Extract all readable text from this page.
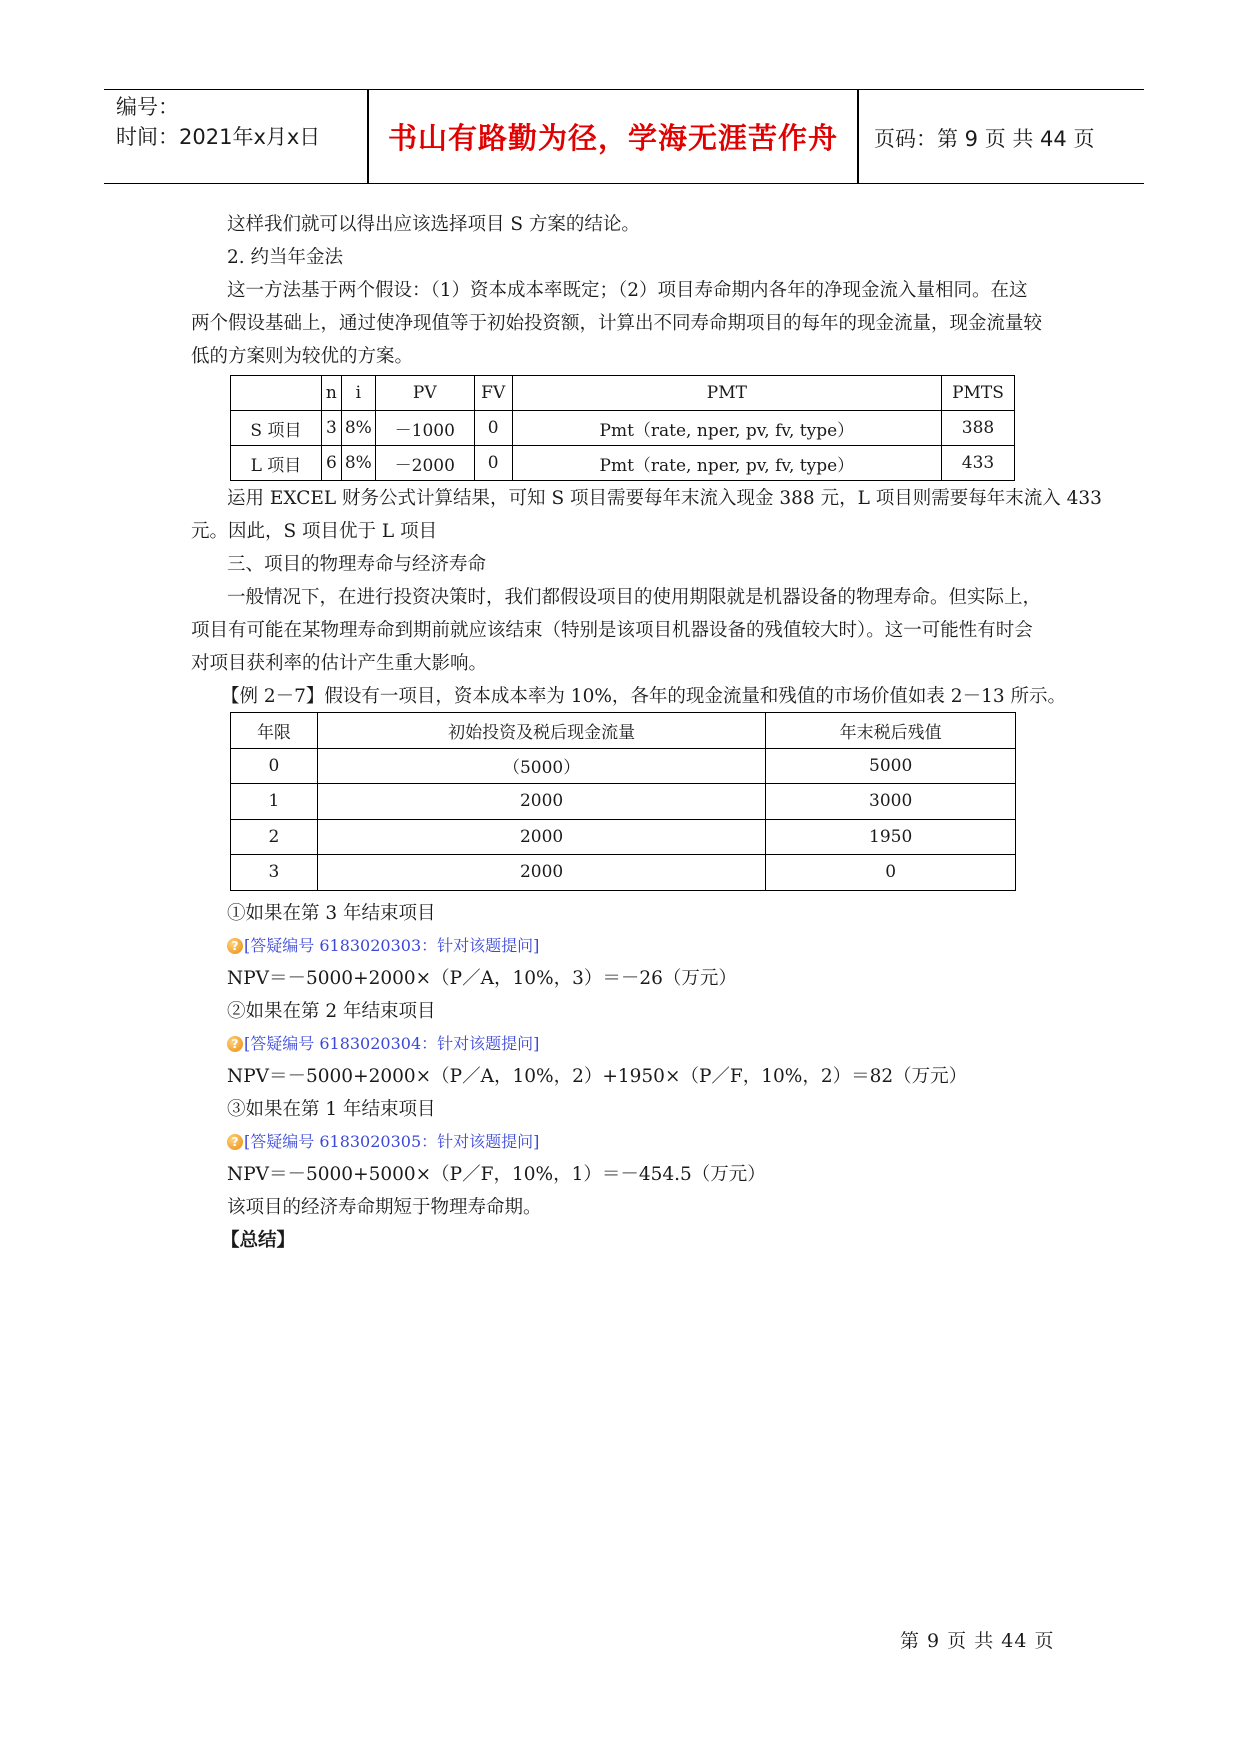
编号：
时间：2021年x月x日	书山有路勤为径，学海无涯苦作舟	页码：第 9 页 共 44 页
这样我们就可以得出应该选择项目 S 方案的结论。
2. 约当年金法
这一方法基于两个假设：（1）资本成本率既定；（2）项目寿命期内各年的净现金流入量相同。在这
两个假设基础上，通过使净现值等于初始投资额，计算出不同寿命期项目的每年的现金流量，现金流量较
低的方案则为较优的方案。
	n	i	PV	FV	PMT	PMTS
S 项目	3	8%	－1000	0	Pmt（rate, nper, pv, fv, type）	388
L 项目	6	8%	－2000	0	Pmt（rate, nper, pv, fv, type）	433
运用 EXCEL 财务公式计算结果，可知 S 项目需要每年末流入现金 388 元，L 项目则需要每年末流入 433
元。因此，S 项目优于 L 项目
三、项目的物理寿命与经济寿命
一般情况下，在进行投资决策时，我们都假设项目的使用期限就是机器设备的物理寿命。但实际上，
项目有可能在某物理寿命到期前就应该结束（特别是该项目机器设备的残值较大时）。这一可能性有时会
对项目获利率的估计产生重大影响。
【例 2－7】假设有一项目，资本成本率为 10%，各年的现金流量和残值的市场价值如表 2－13 所示。
年限	初始投资及税后现金流量	年末税后残值
0	（5000）	5000
1	2000	3000
2	2000	1950
3	2000	0
①如果在第 3 年结束项目
? [答疑编号 6183020303：针对该题提问]
NPV＝－5000+2000×（P／A，10%，3）＝－26（万元）
②如果在第 2 年结束项目
? [答疑编号 6183020304：针对该题提问]
NPV＝－5000+2000×（P／A，10%，2）+1950×（P／F，10%，2）＝82（万元）
③如果在第 1 年结束项目
? [答疑编号 6183020305：针对该题提问]
NPV＝－5000+5000×（P／F，10%，1）＝－454.5（万元）
该项目的经济寿命期短于物理寿命期。
【总结】
第 9 页 共 44 页
